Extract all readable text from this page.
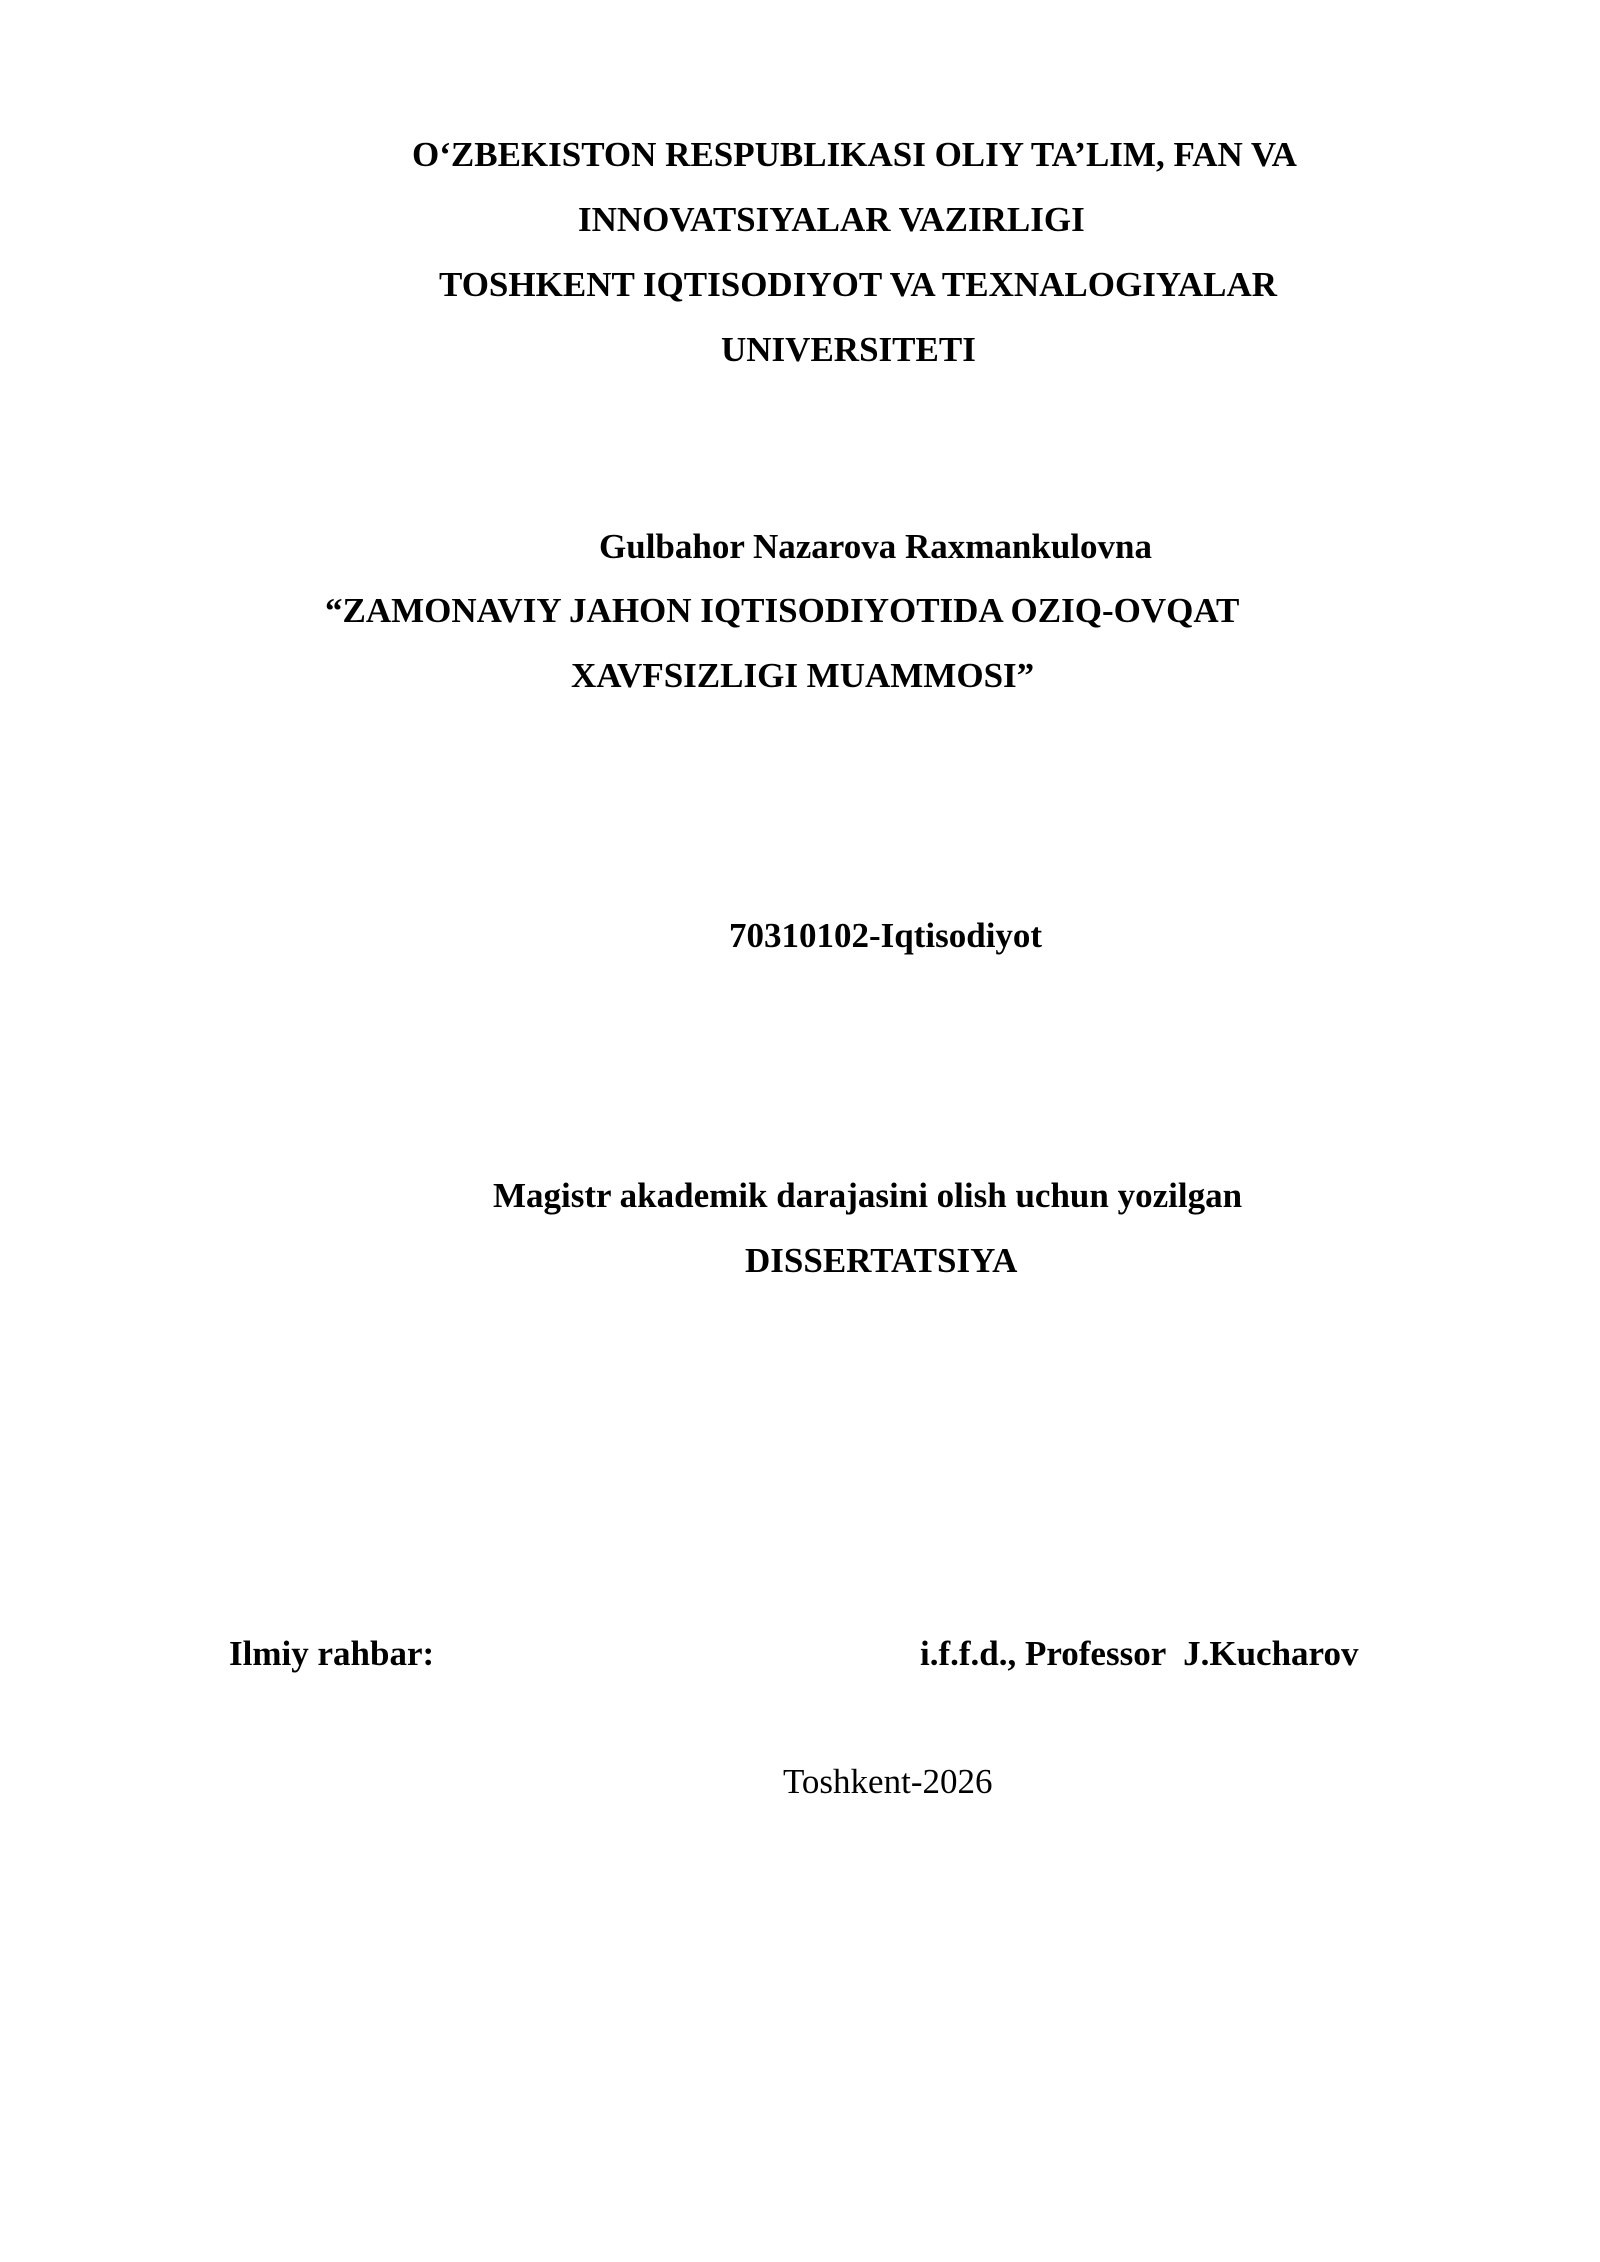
O‘ZBEKISTON RESPUBLIKASI OLIY TA’LIM, FAN VA
INNOVATSIYALAR VAZIRLIGI
TOSHKENT IQTISODIYOT VA TEXNALOGIYALAR
UNIVERSITETI
Gulbahor Nazarova Raxmankulovna
“ZAMONAVIY JAHON IQTISODIYOTIDA OZIQ-OVQAT
XAVFSIZLIGI MUAMMOSI”
70310102-Iqtisodiyot
Magistr akademik darajasini olish uchun yozilgan
DISSERTATSIYA
Ilmiy rahbar:	i.f.f.d., Professor  J.Kucharov
Toshkent-2026
